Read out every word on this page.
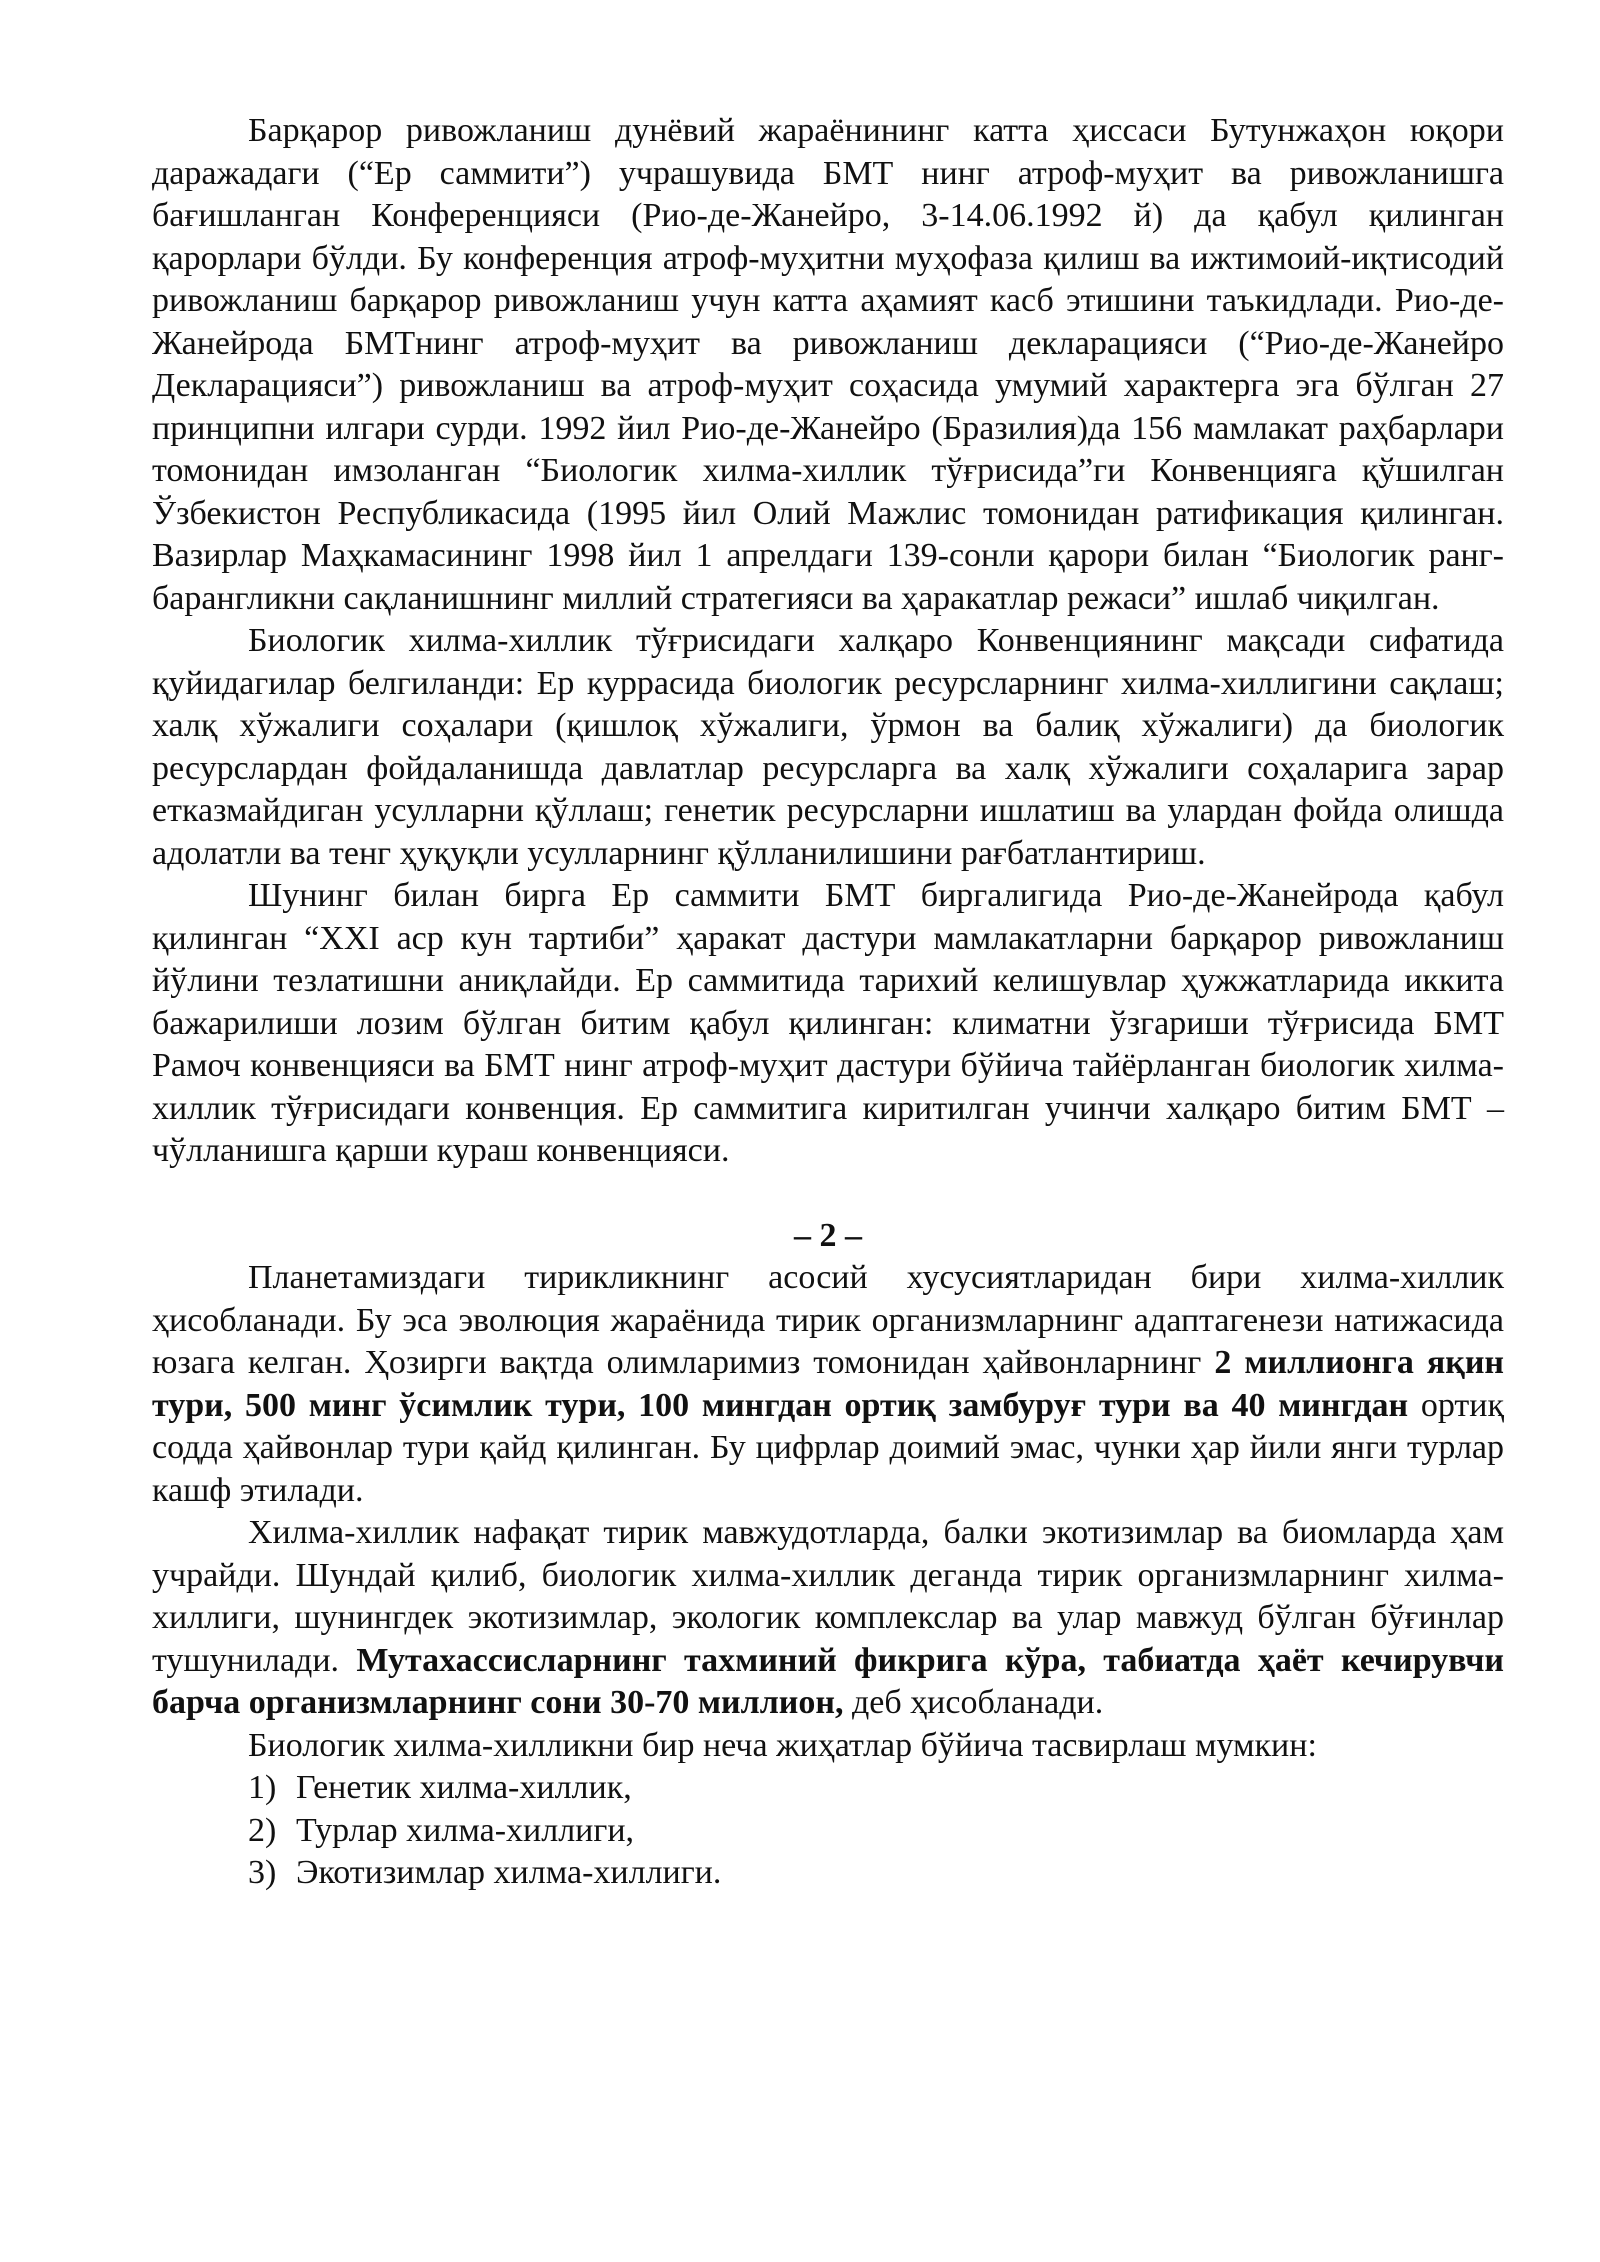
Барқарор ривожланиш дунёвий жараёнининг катта ҳиссаси Бутунжаҳон юқори даражадаги (“Ер саммити”) учрашувида БМТ нинг атроф-муҳит ва ривожланишга бағишланган Конференцияси (Рио-де-Жанейро, 3-14.06.1992 й) да қабул қилинган қарорлари бўлди. Бу конференция атроф-муҳитни муҳофаза қилиш ва ижтимоий-иқтисодий ривожланиш барқарор ривожланиш учун катта аҳамият касб этишини таъкидлади. Рио-де-Жанейрода БМТнинг атроф-муҳит ва ривожланиш декларацияси (“Рио-де-Жанейро Декларацияси”) ривожланиш ва атроф-муҳит соҳасида умумий характерга эга бўлган 27 принципни илгари сурди. 1992 йил Рио-де-Жанейро (Бразилия)да 156 мамлакат раҳбарлари томонидан имзоланган “Биологик хилма-хиллик тўғрисида”ги Конвенцияга қўшилган Ўзбекистон Республикасида (1995 йил Олий Мажлис томонидан ратификация қилинган. Вазирлар Маҳкамасининг 1998 йил 1 апрелдаги 139-сонли қарори билан “Биологик ранг-барангликни сақланишнинг миллий стратегияси ва ҳаракатлар режаси” ишлаб чиқилган.

Биологик хилма-хиллик тўғрисидаги халқаро Конвенциянинг мақсади сифатида қуйидагилар белгиланди: Ер куррасида биологик ресурсларнинг хилма-хиллигини сақлаш; халқ хўжалиги соҳалари (қишлоқ хўжалиги, ўрмон ва балиқ хўжалиги) да биологик ресурслардан фойдаланишда давлатлар ресурсларга ва халқ хўжалиги соҳаларига зарар етказмайдиган усулларни қўллаш; генетик ресурсларни ишлатиш ва улардан фойда олишда адолатли ва тенг ҳуқуқли усулларнинг қўлланилишини рағбатлантириш.

Шунинг билан бирга Ер саммити БМТ биргалигида Рио-де-Жанейрода қабул қилинган “XXI аср кун тартиби” ҳаракат дастури мамлакатларни барқарор ривожланиш йўлини тезлатишни аниқлайди. Ер саммитида тарихий келишувлар ҳужжатларида иккита бажарилиши лозим бўлган битим қабул қилинган: климатни ўзгариши тўғрисида БМТ Рамоч конвенцияси ва БМТ нинг атроф-муҳит дастури бўйича тайёрланган биологик хилма-хиллик тўғрисидаги конвенция. Ер саммитига киритилган учинчи халқаро битим БМТ – чўлланишга қарши кураш конвенцияси.

– 2 –

Планетамиздаги тирикликнинг асосий хусусиятларидан бири хилма-хиллик ҳисобланади. Бу эса эволюция жараёнида тирик организмларнинг адаптагенези натижасида юзага келган. Ҳозирги вақтда олимларимиз томонидан ҳайвонларнинг 2 миллионга яқин тури, 500 минг ўсимлик тури, 100 мингдан ортиқ замбуруғ тури ва 40 мингдан ортиқ содда ҳайвонлар тури қайд қилинган. Бу цифрлар доимий эмас, чунки ҳар йили янги турлар кашф этилади.

Хилма-хиллик нафақат тирик мавжудотларда, балки экотизимлар ва биомларда ҳам учрайди. Шундай қилиб, биологик хилма-хиллик деганда тирик организмларнинг хилма-хиллиги, шунингдек экотизимлар, экологик комплекслар ва улар мавжуд бўлган бўғинлар тушунилади. Мутахассисларнинг тахминий фикрига кўра, табиатда ҳаёт кечирувчи барча организмларнинг сони 30-70 миллион, деб ҳисобланади.

Биологик хилма-хилликни бир неча жиҳатлар бўйича тасвирлаш мумкин:

1) Генетик хилма-хиллик,
2) Турлар хилма-хиллиги,
3) Экотизимлар хилма-хиллиги.
